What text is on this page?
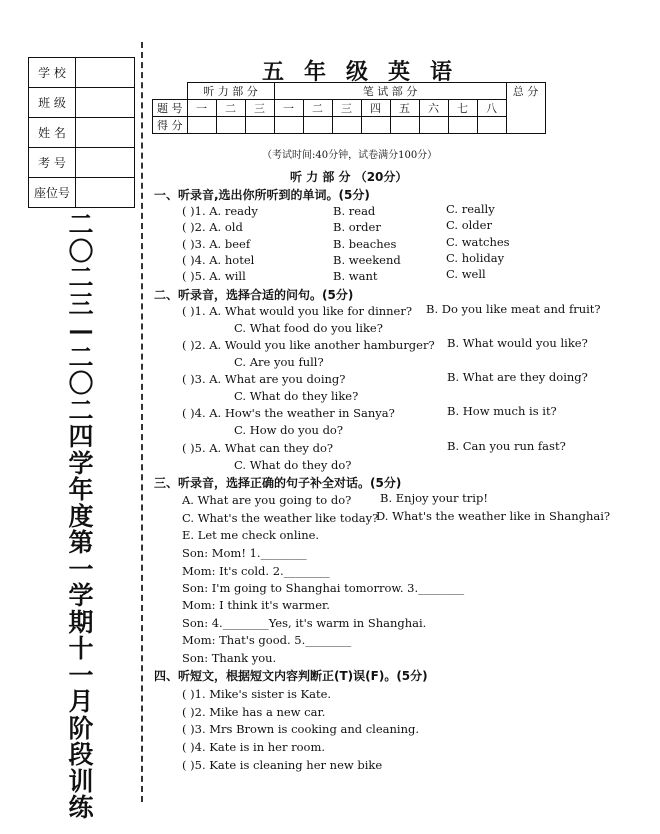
学 校	
班 级	
姓 名	
考 号	
座位号	
二
〇
二
三
—
二
〇
二
四
学
年
度
第
一
学
期
十
一
月
阶
段
训
练
五年级英语
	听 力 部 分			笔 试 部 分								总 分
题 号	一	二	三	一	二	三	四	五	六	七	八	
得 分												
（考试时间:40分钟，试卷满分100分）
听 力 部 分 （20分）
一、听录音,选出你所听到的单词。(5分)
( )1. A. ready	B. read	C. really
( )2. A. old	B. order	C. older
( )3. A. beef	B. beaches	C. watches
( )4. A. hotel	B. weekend	C. holiday
( )5. A. will	B. want	C. well
二、听录音，选择合适的问句。(5分)
( )1. A. What would you like for dinner? B. Do you like meat and fruit?
C. What food do you like?
( )2. A. Would you like another hamburger? B. What would you like?
C. Are you full?
( )3. A. What are you doing?	B. What are they doing?
C. What do they like?
( )4. A. How's the weather in Sanya?	B. How much is it?
C. How do you do?
( )5. A. What can they do?	B. Can you run fast?
C. What do they do?
三、听录音，选择正确的句子补全对话。(5分)
A. What are you going to do? B. Enjoy your trip!
C. What's the weather like today?
D. What's the weather like in Shanghai?
E. Let me check online.
Son: Mom! 1.________
Mom: It's cold. 2.________
Son: I'm going to Shanghai tomorrow. 3.________
Mom: I think it's warmer.
Son: 4.________Yes, it's warm in Shanghai.
Mom: That's good. 5.________
Son: Thank you.
四、听短文，根据短文内容判断正(T)误(F)。(5分)
( )1. Mike's sister is Kate.
( )2. Mike has a new car.
( )3. Mrs Brown is cooking and cleaning.
( )4. Kate is in her room.
( )5. Kate is cleaning her new bike
